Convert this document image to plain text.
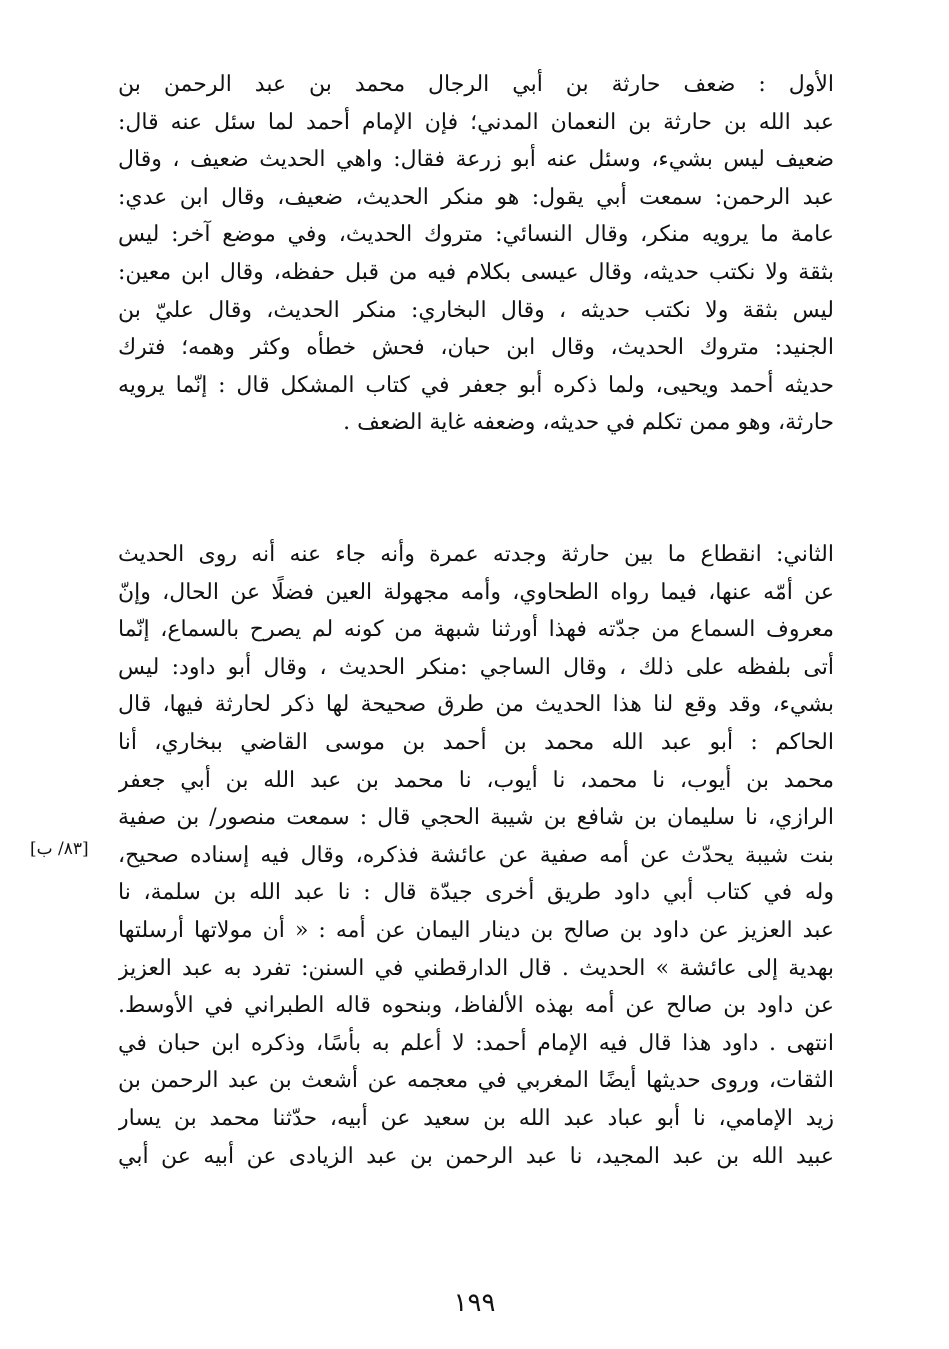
الأول : ضعف حارثة بن أبي الرجال محمد بن عبد الرحمن بن
عبد الله بن حارثة بن النعمان المدني؛ فإن الإمام أحمد لما سئل عنه قال:
ضعيف ليس بشيء، وسئل عنه أبو زرعة فقال: واهي الحديث ضعيف ، وقال
عبد الرحمن: سمعت أبي يقول: هو منكر الحديث، ضعيف، وقال ابن عدي:
عامة ما يرويه منكر، وقال النسائي: متروك الحديث، وفي موضع آخر: ليس
بثقة ولا نكتب حديثه، وقال عيسى بكلام فيه من قبل حفظه، وقال ابن معين:
ليس بثقة ولا نكتب حديثه ، وقال البخاري: منكر الحديث، وقال عليّ بن
الجنيد: متروك الحديث، وقال ابن حبان، فحش خطأه وكثر وهمه؛ فترك
حديثه أحمد ويحيى، ولما ذكره أبو جعفر في كتاب المشكل قال : إنّما يرويه
حارثة، وهو ممن تكلم في حديثه، وضعفه غاية الضعف .
الثاني: انقطاع ما بين حارثة وجدته عمرة وأنه جاء عنه أنه روى الحديث
عن أمّه عنها، فيما رواه الطحاوي، وأمه مجهولة العين فضلًا عن الحال، وإنّ
معروف السماع من جدّته فهذا أورثنا شبهة من كونه لم يصرح بالسماع، إنّما
أتى بلفظه على ذلك ، وقال الساجي :منكر الحديث ، وقال أبو داود: ليس
بشيء، وقد وقع لنا هذا الحديث من طرق صحيحة لها ذكر لحارثة فيها، قال
الحاكم : أبو عبد الله محمد بن أحمد بن موسى القاضي ببخاري، أنا
محمد بن أيوب، نا محمد، نا أيوب، نا محمد بن عبد الله بن أبي جعفر
الرازي، نا سليمان بن شافع بن شيبة الحجي قال : سمعت منصور/ بن صفية
بنت شيبة يحدّث عن أمه صفية عن عائشة فذكره، وقال فيه إسناده صحيح،
وله في كتاب أبي داود طريق أخرى جيدّة قال : نا عبد الله بن سلمة، نا
عبد العزيز عن داود بن صالح بن دينار اليمان عن أمه : « أن مولاتها أرسلتها
بهدية إلى عائشة » الحديث . قال الدارقطني في السنن: تفرد به عبد العزيز
عن داود بن صالح عن أمه بهذه الألفاظ، وبنحوه قاله الطبراني في الأوسط.
انتهى . داود هذا قال فيه الإمام أحمد: لا أعلم به بأسًا، وذكره ابن حبان في
الثقات، وروى حديثها أيضًا المغربي في معجمه عن أشعث بن عبد الرحمن بن
زيد الإمامي، نا أبو عباد عبد الله بن سعيد عن أبيه، حدّثنا محمد بن يسار
عبيد الله بن عبد المجيد، نا عبد الرحمن بن عبد الزيادى عن أبيه عن أبي
[٨٣/ ب]
١٩٩
